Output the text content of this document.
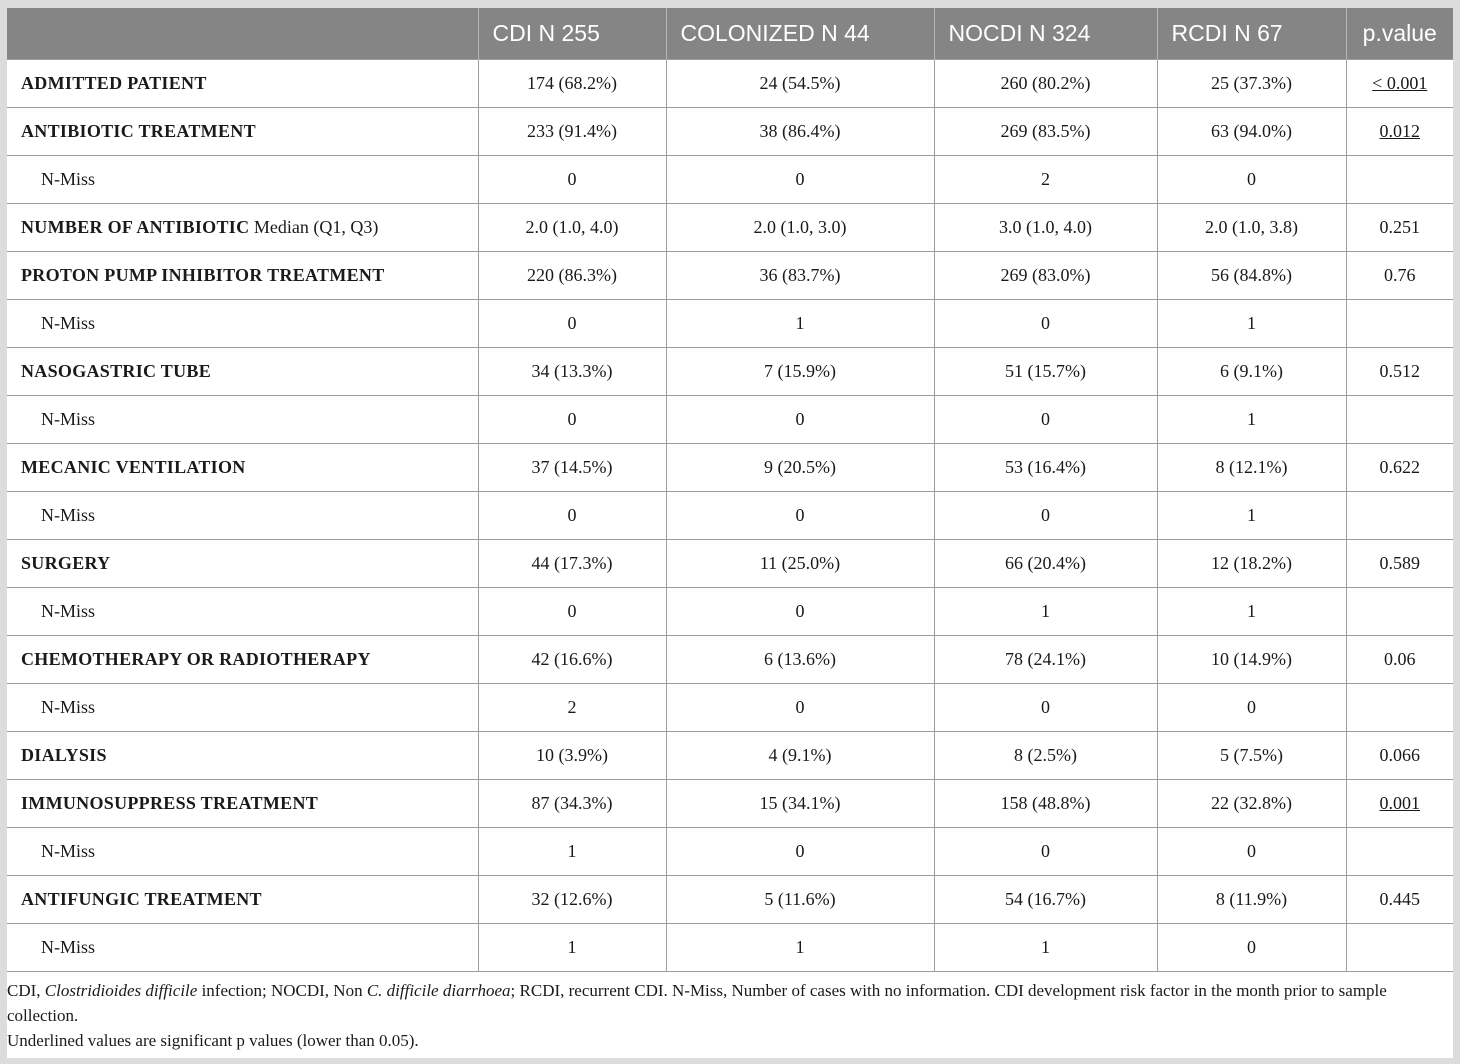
	CDI N 255	COLONIZED N 44	NOCDI N 324	RCDI N 67	p.value
ADMITTED PATIENT	174 (68.2%)	24 (54.5%)	260 (80.2%)	25 (37.3%)	< 0.001
ANTIBIOTIC TREATMENT	233 (91.4%)	38 (86.4%)	269 (83.5%)	63 (94.0%)	0.012
N-Miss	0	0	2	0	
NUMBER OF ANTIBIOTIC Median (Q1, Q3)	2.0 (1.0, 4.0)	2.0 (1.0, 3.0)	3.0 (1.0, 4.0)	2.0 (1.0, 3.8)	0.251
PROTON PUMP INHIBITOR TREATMENT	220 (86.3%)	36 (83.7%)	269 (83.0%)	56 (84.8%)	0.76
N-Miss	0	1	0	1	
NASOGASTRIC TUBE	34 (13.3%)	7 (15.9%)	51 (15.7%)	6 (9.1%)	0.512
N-Miss	0	0	0	1	
MECANIC VENTILATION	37 (14.5%)	9 (20.5%)	53 (16.4%)	8 (12.1%)	0.622
N-Miss	0	0	0	1	
SURGERY	44 (17.3%)	11 (25.0%)	66 (20.4%)	12 (18.2%)	0.589
N-Miss	0	0	1	1	
CHEMOTHERAPY OR RADIOTHERAPY	42 (16.6%)	6 (13.6%)	78 (24.1%)	10 (14.9%)	0.06
N-Miss	2	0	0	0	
DIALYSIS	10 (3.9%)	4 (9.1%)	8 (2.5%)	5 (7.5%)	0.066
IMMUNOSUPPRESS TREATMENT	87 (34.3%)	15 (34.1%)	158 (48.8%)	22 (32.8%)	0.001
N-Miss	1	0	0	0	
ANTIFUNGIC TREATMENT	32 (12.6%)	5 (11.6%)	54 (16.7%)	8 (11.9%)	0.445
N-Miss	1	1	1	0	

CDI, Clostridioides difficile infection; NOCDI, Non C. difficile diarrhoea; RCDI, recurrent CDI. N-Miss, Number of cases with no information. CDI development risk factor in the month prior to sample collection.

Underlined values are significant p values (lower than 0.05).
